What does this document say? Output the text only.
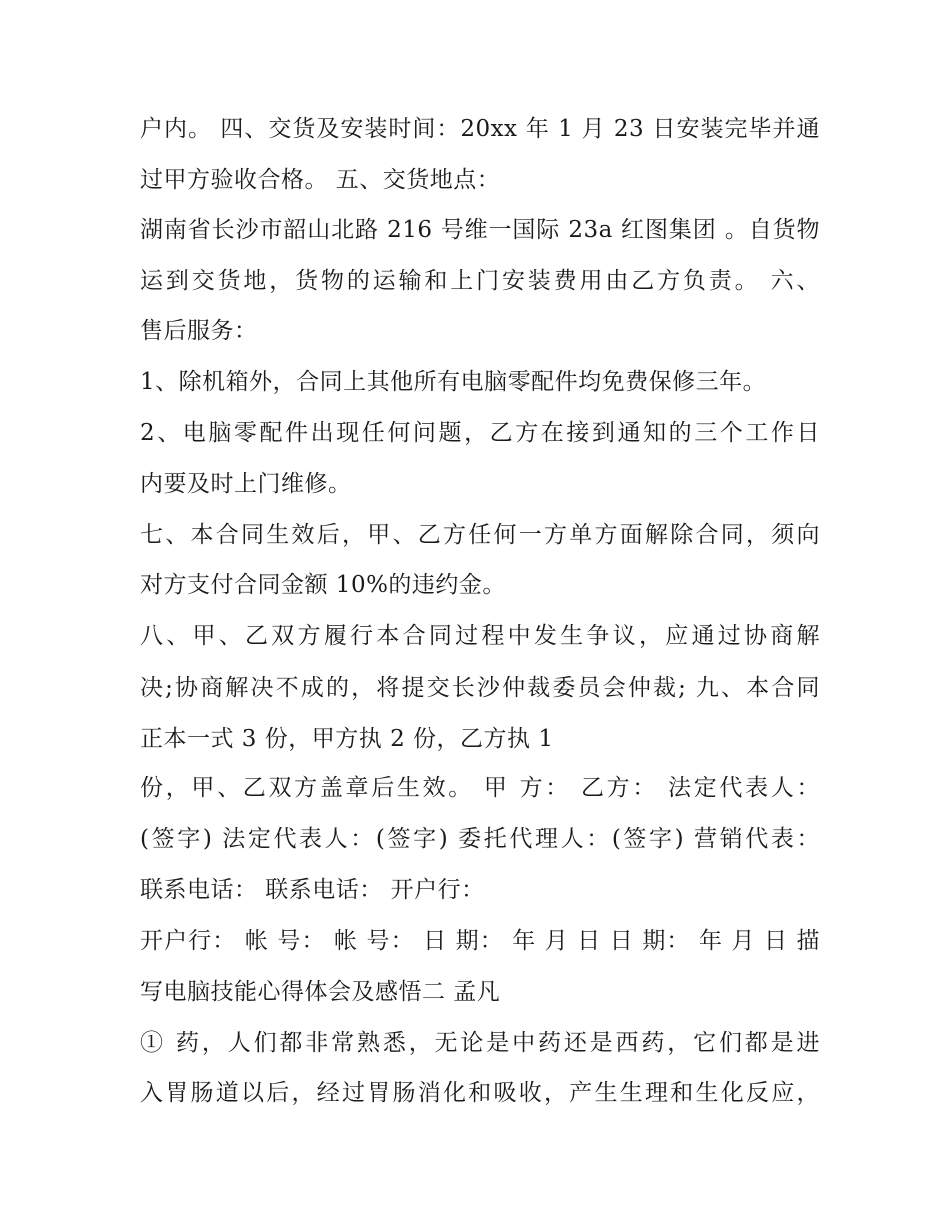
户内。 四、交货及安装时间：20xx 年 1 月 23 日安装完毕并通
过甲方验收合格。 五、交货地点：
湖南省长沙市韶山北路 216 号维一国际 23a 红图集团 。自货物
运到交货地，货物的运输和上门安装费用由乙方负责。 六、
售后服务：
1、除机箱外，合同上其他所有电脑零配件均免费保修三年。
2、电脑零配件出现任何问题，乙方在接到通知的三个工作日
内要及时上门维修。
七、本合同生效后，甲、乙方任何一方单方面解除合同，须向
对方支付合同金额 10%的违约金。
八、甲、乙双方履行本合同过程中发生争议，应通过协商解
决;协商解决不成的，将提交长沙仲裁委员会仲裁; 九、本合同
正本一式 3 份，甲方执 2 份，乙方执 1
份，甲、乙双方盖章后生效。 甲 方： 乙方： 法定代表人：
(签字) 法定代表人：(签字) 委托代理人：(签字) 营销代表：
联系电话： 联系电话： 开户行：
开户行： 帐 号： 帐 号： 日 期： 年 月 日 日 期： 年 月 日 描
写电脑技能心得体会及感悟二 孟凡
① 药，人们都非常熟悉，无论是中药还是西药，它们都是进
入胃肠道以后，经过胃肠消化和吸收，产生生理和生化反应，
